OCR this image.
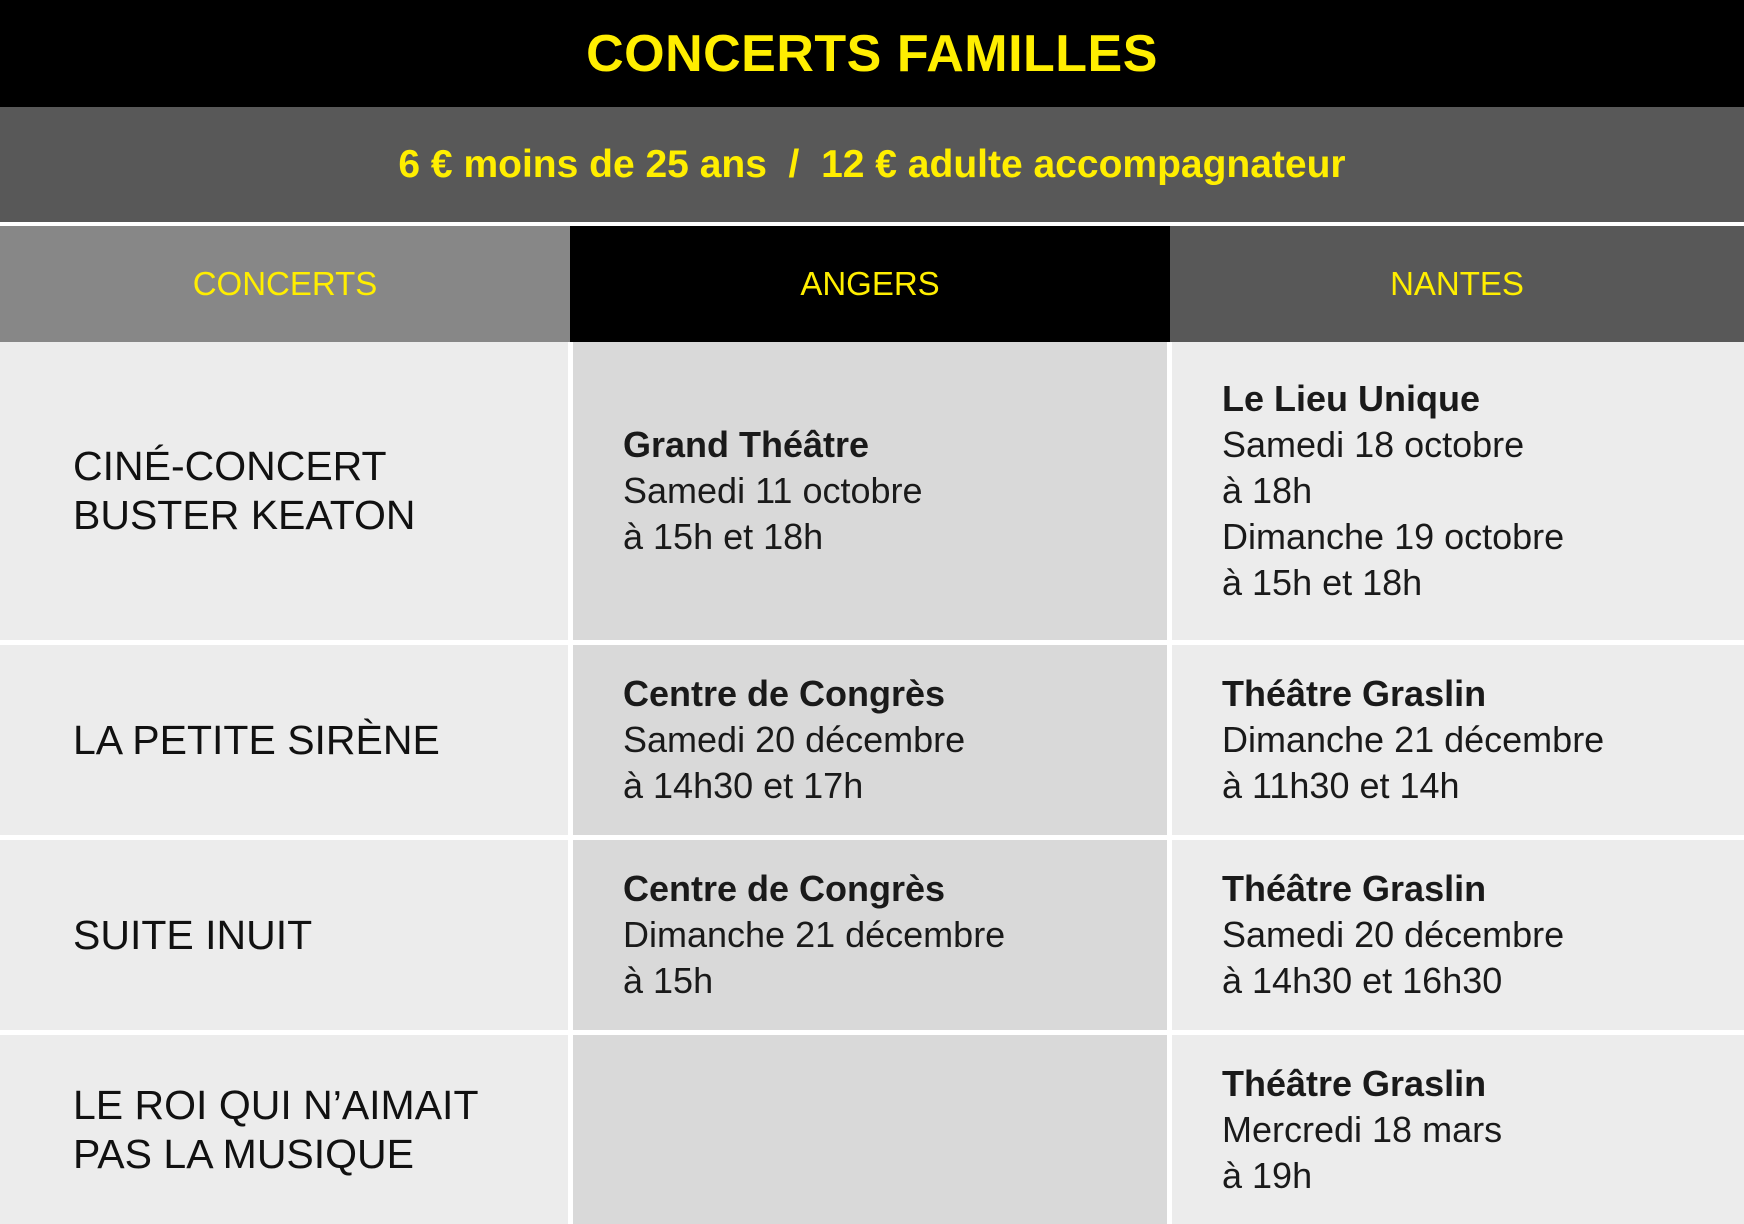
CONCERTS FAMILLES
6 € moins de 25 ans  /  12 € adulte accompagnateur
CONCERTS	ANGERS	NANTES
CINÉ-CONCERT
BUSTER KEATON
Grand Théâtre
Samedi 11 octobre
à 15h et 18h
Le Lieu Unique
Samedi 18 octobre
à 18h
Dimanche 19 octobre
à 15h et 18h
LA PETITE SIRÈNE
Centre de Congrès
Samedi 20 décembre
à 14h30 et 17h
Théâtre Graslin
Dimanche 21 décembre
à 11h30 et 14h
SUITE INUIT
Centre de Congrès
Dimanche 21 décembre
à 15h
Théâtre Graslin
Samedi 20 décembre
à 14h30 et 16h30
LE ROI QUI N’AIMAIT
PAS LA MUSIQUE
Théâtre Graslin
Mercredi 18 mars
à 19h
